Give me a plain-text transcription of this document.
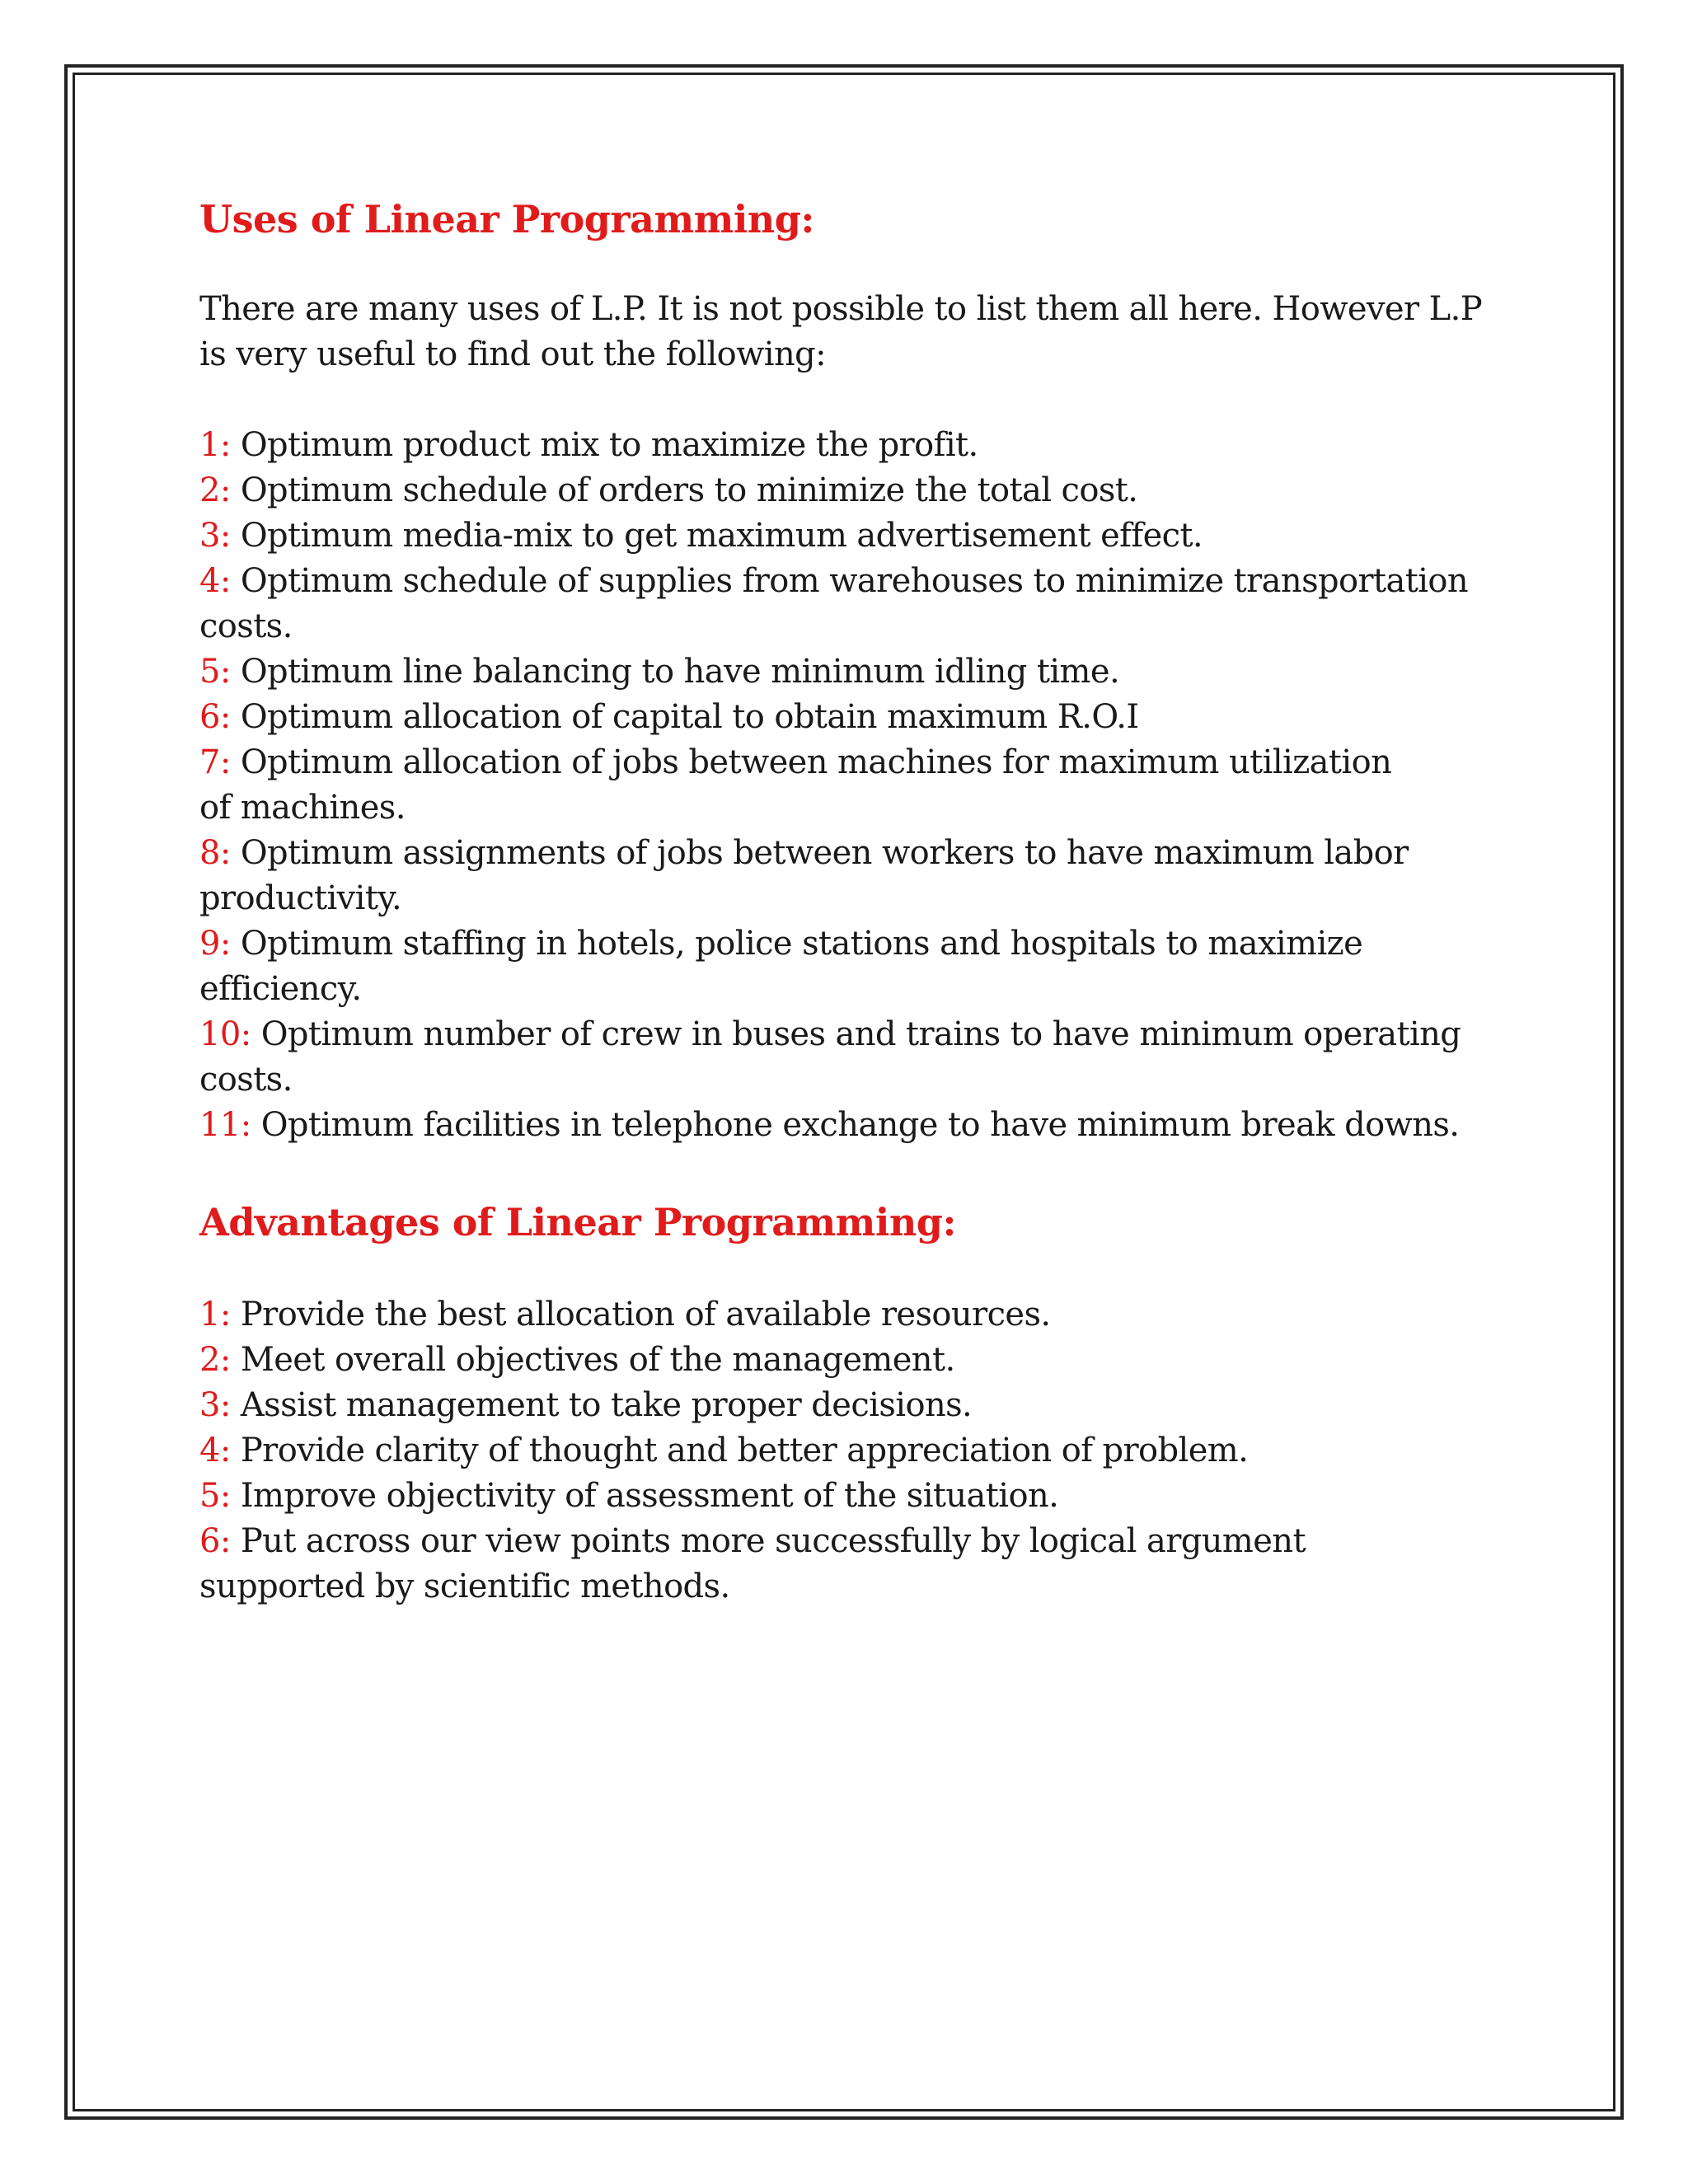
Uses of Linear Programming:

There are many uses of L.P. It is not possible to list them all here. However L.P
is very useful to find out the following:

1: Optimum product mix to maximize the profit.
2: Optimum schedule of orders to minimize the total cost.
3: Optimum media-mix to get maximum advertisement effect.
4: Optimum schedule of supplies from warehouses to minimize transportation
costs.
5: Optimum line balancing to have minimum idling time.
6: Optimum allocation of capital to obtain maximum R.O.I
7: Optimum allocation of jobs between machines for maximum utilization
of machines.
8: Optimum assignments of jobs between workers to have maximum labor
productivity.
9: Optimum staffing in hotels, police stations and hospitals to maximize
efficiency.
10: Optimum number of crew in buses and trains to have minimum operating
costs.
11: Optimum facilities in telephone exchange to have minimum break downs.
Advantages of Linear Programming:
1: Provide the best allocation of available resources.
2: Meet overall objectives of the management.
3: Assist management to take proper decisions.
4: Provide clarity of thought and better appreciation of problem.
5: Improve objectivity of assessment of the situation.
6: Put across our view points more successfully by logical argument
supported by scientific methods.
